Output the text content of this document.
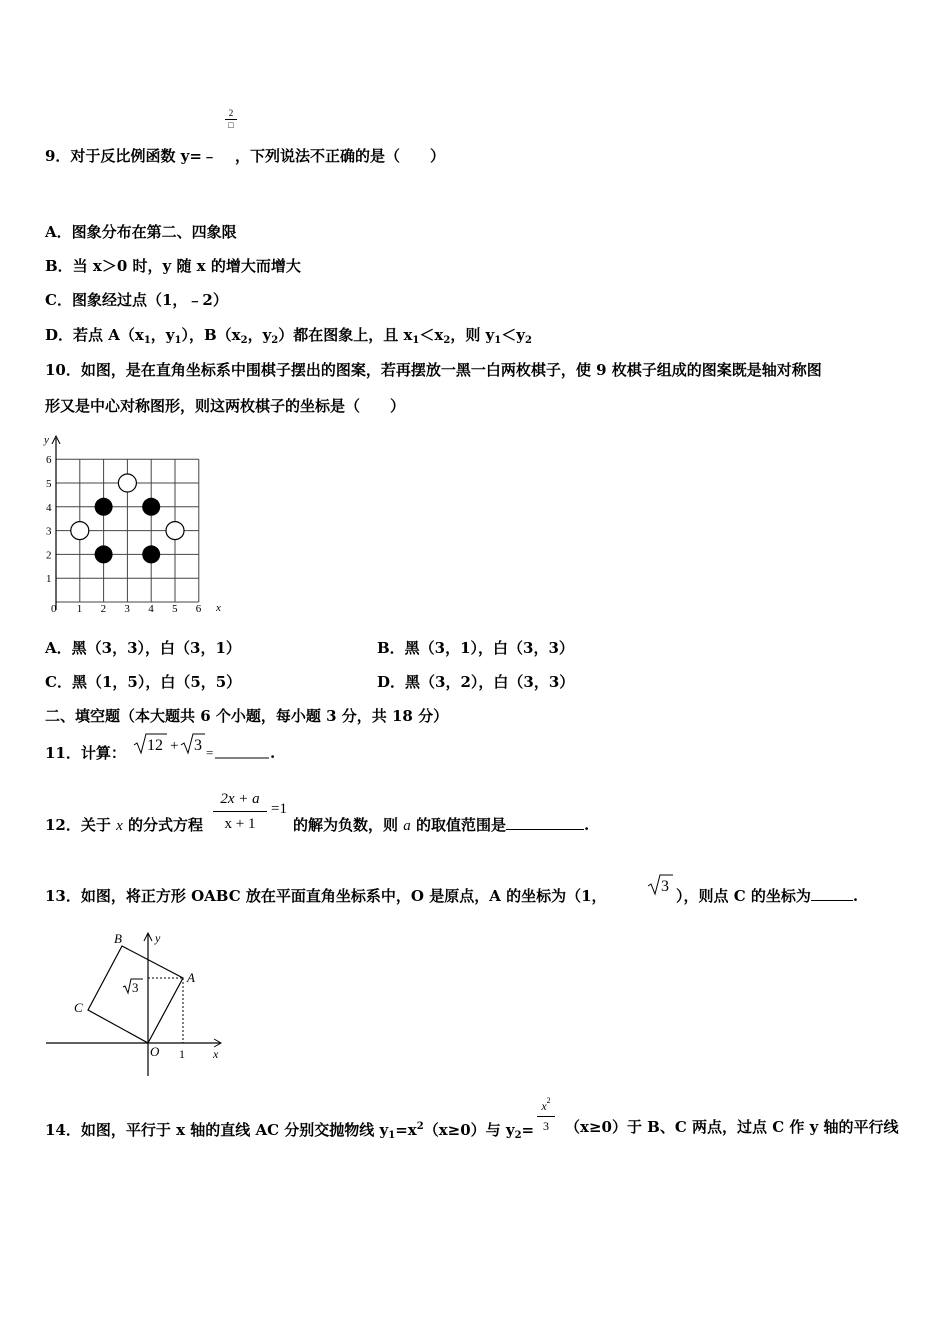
2
□
9．对于反比例函数 y=﹣ ，下列说法不正确的是（　　）
A．图象分布在第二、四象限
B．当 x＞0 时，y 随 x 的增大而增大
C．图象经过点（1，﹣2）
D．若点 $A(x_1$，$y_1$），$B(x_2$，$y_2$）都在图象上，且 $x_1<x_2$，则 $y_1<y_2$
10．如图，是在直角坐标系中围棋子摆出的图案，若再摆放一黑一白两枚棋子，使 9 枚棋子组成的图案既是轴对称图
形又是中心对称图形，则这两枚棋子的坐标是（　　）
y
x
0 1 2 3 4 5 6
1
2
3
4
5
6
A．黑（3，3），白（3，1）	B．黑（3，1），白（3，3）
C．黑（1，5），白（5，5）	D．黑（3，2），白（3，3）
二、填空题（本大题共 6 个小题，每小题 3 分，共 18 分）
11．计算： 12 + 3 =	.
12．关于 x 的分式方程
2x + a
x + 1
=1
的解为负数，则 a 的取值范围是	.
13．如图，将正方形 OABC 放在平面直角坐标系中，O 是原点，A 的坐标为（1，
3
），则点 C 的坐标为	.
3
B
A
C
O 1 x
y
14．如图，平行于 x 轴的直线 AC 分别交抛物线 $y_1=x^2(x\ge 0)$与 $y_2=$
$x^2$
3	（x≥0）于 B、C 两点，过点 C 作 y 轴的平行线
